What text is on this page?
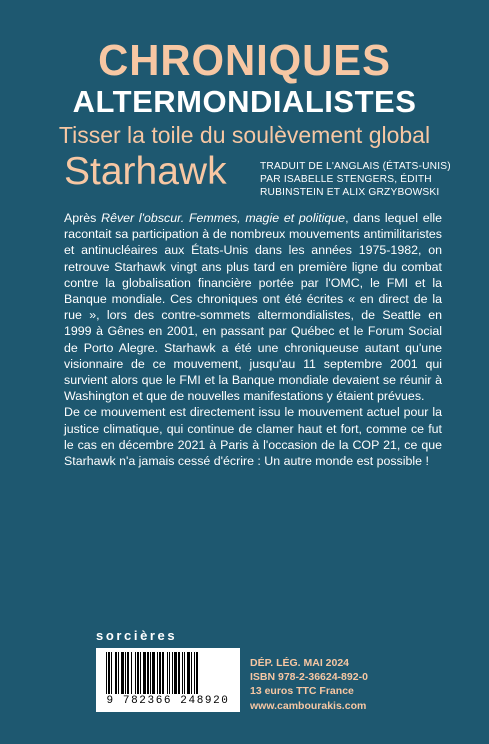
CHRONIQUES
ALTERMONDIALISTES
Tisser la toile du soulèvement global
Starhawk	TRADUIT DE L'ANGLAIS (ÉTATS-UNIS)
PAR ISABELLE STENGERS, ÉDITH
RUBINSTEIN ET ALIX GRZYBOWSKI

Après Rêver l'obscur. Femmes, magie et politique, dans lequel elle racontait sa participation à de nombreux mouvements antimilitaristes et antinucléaires aux États-Unis dans les années 1975-1982, on retrouve Starhawk vingt ans plus tard en première ligne du combat contre la globalisation financière portée par l'OMC, le FMI et la Banque mondiale. Ces chroniques ont été écrites « en direct de la rue », lors des contre-sommets altermondialistes, de Seattle en 1999 à Gênes en 2001, en passant par Québec et le Forum Social de Porto Alegre. Starhawk a été une chroniqueuse autant qu'une visionnaire de ce mouvement, jusqu'au 11 septembre 2001 qui survient alors que le FMI et la Banque mondiale devaient se réunir à Washington et que de nouvelles manifestations y étaient prévues.

De ce mouvement est directement issu le mouvement actuel pour la justice climatique, qui continue de clamer haut et fort, comme ce fut le cas en décembre 2021 à Paris à l'occasion de la COP 21, ce que Starhawk n'a jamais cessé d'écrire : Un autre monde est possible !

sorcières
9 782366 248920
DÉP. LÉG. MAI 2024
ISBN 978-2-36624-892-0
13 euros TTC France
www.cambourakis.com
